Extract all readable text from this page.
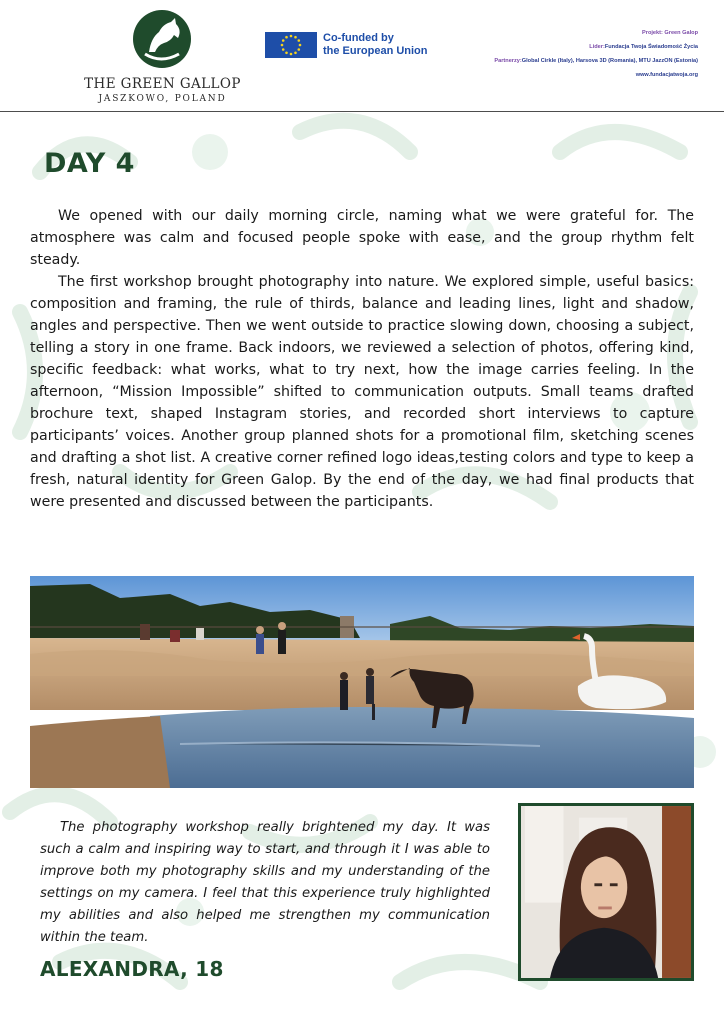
THE GREEN GALLOP
JASZKOWO, POLAND
Co-funded by
the European Union
Projekt: Green Galop
Lider:Fundacja Twoja Świadomość Życia
Partnerzy:Global Cirkle (Italy), Harsova 3D (Romania), MTU JazzON (Estonia)
www.fundacjatwoja.org
DAY 4

We opened with our daily morning circle, naming what we were grateful for. The atmosphere was calm and focused people spoke with ease, and the group rhythm felt steady.

The first workshop brought photography into nature. We explored simple, useful basics: composition and framing, the rule of thirds, balance and leading lines, light and shadow, angles and perspective. Then we went outside to practice slowing down, choosing a subject, telling a story in one frame. Back indoors, we reviewed a selection of photos, offering kind, specific feedback: what works, what to try next, how the image carries feeling. In the afternoon, “Mission Impossible” shifted to communication outputs. Small teams drafted brochure text, shaped Instagram stories, and recorded short interviews to capture participants’ voices. Another group planned shots for a promotional film, sketching scenes and drafting a shot list. A creative corner refined logo ideas,testing colors and type to keep a fresh, natural identity for Green Galop. By the end of the day, we had final products that were presented and discussed between the participants.

The photography workshop really brightened my day. It was such a calm and inspiring way to start, and through it I was able to improve both my photography skills and my understanding of the settings on my camera. I feel that this experience truly highlighted my abilities and also helped me strengthen my communication within the team.

ALEXANDRA, 18
